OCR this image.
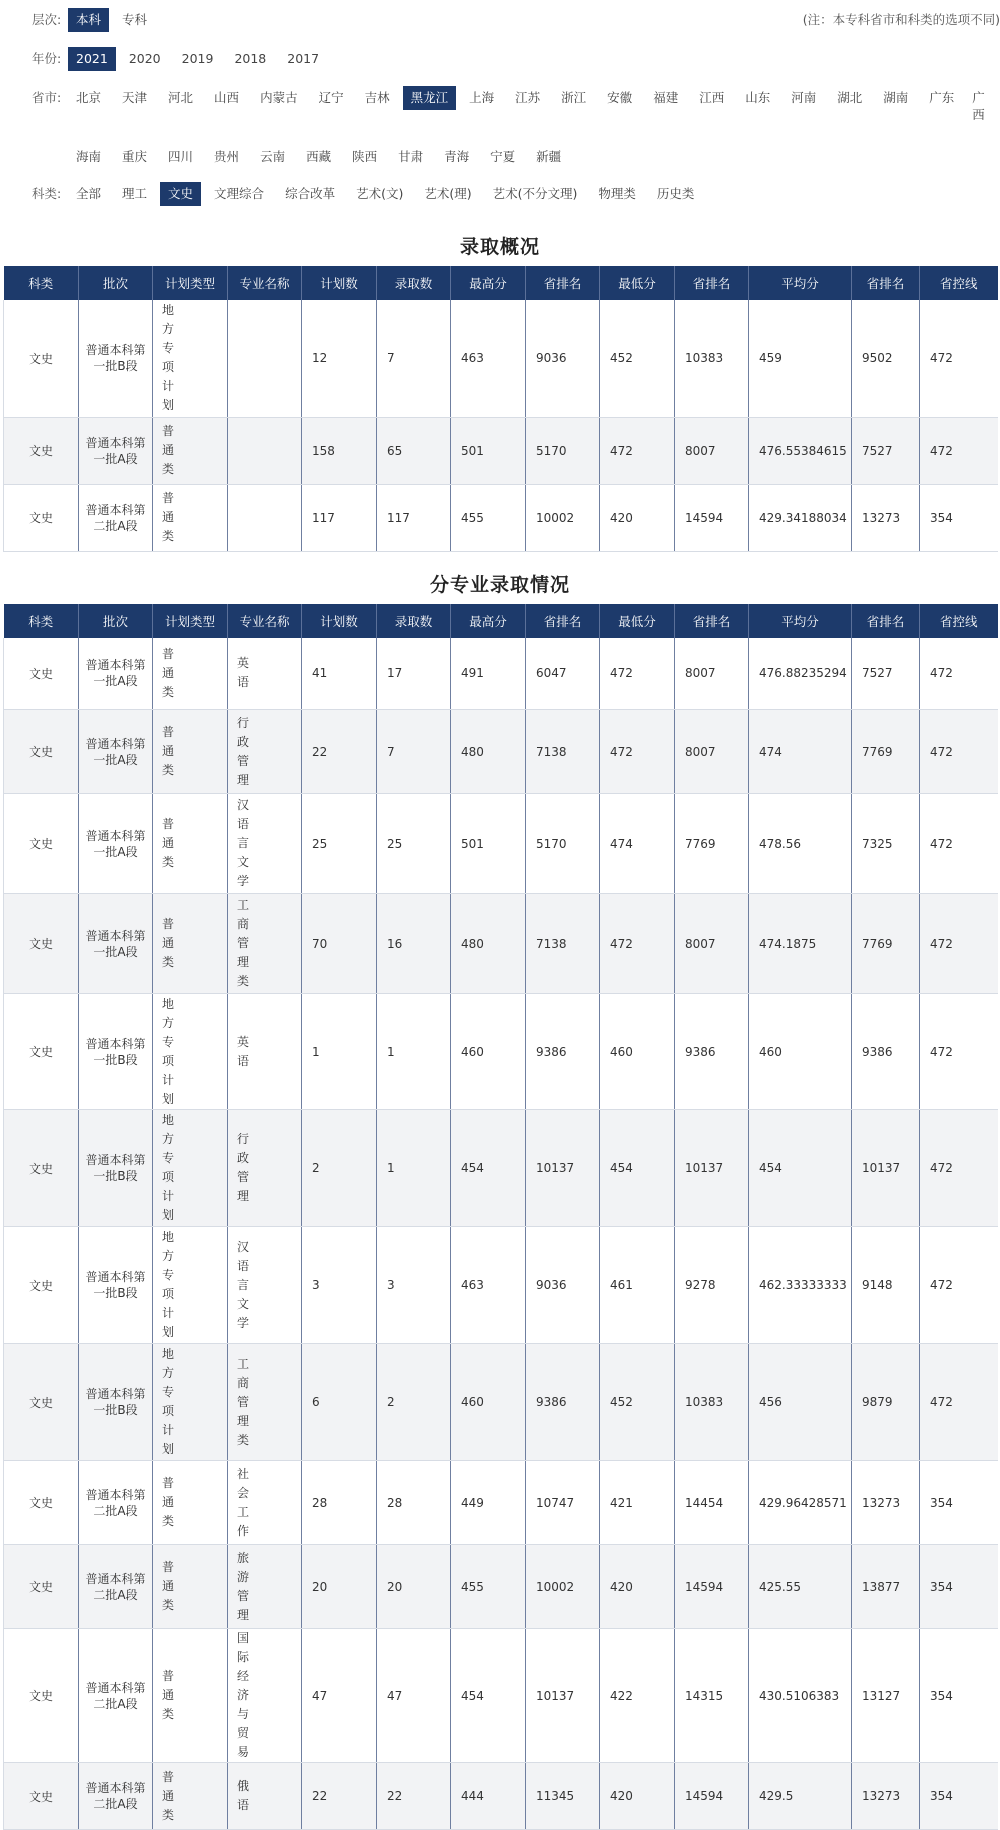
层次:	本科	专科	(注：本专科省市和科类的选项不同)
年份:	2021	2020	2019	2018	2017
省市:	北京	天津	河北	山西	内蒙古	辽宁	吉林	黑龙江	上海	江苏	浙江	安徽	福建	江西	山东	河南	湖北	湖南	广东	广西
海南	重庆	四川	贵州	云南	西藏	陕西	甘肃	青海	宁夏	新疆
科类:	全部	理工	文史	文理综合	综合改革	艺术(文)	艺术(理)	艺术(不分文理)	物理类	历史类
录取概况
科类	批次	计划类型	专业名称	计划数	录取数	最高分	省排名	最低分	省排名	平均分	省排名	省控线
文史	普通本科第一批B段	地方专项计划		12	7	463	9036	452	10383	459	9502	472
文史	普通本科第一批A段	普通类		158	65	501	5170	472	8007	476.55384615	7527	472
文史	普通本科第二批A段	普通类		117	117	455	10002	420	14594	429.34188034	13273	354
分专业录取情况
科类	批次	计划类型	专业名称	计划数	录取数	最高分	省排名	最低分	省排名	平均分	省排名	省控线
文史	普通本科第一批A段	普通类	英语	41	17	491	6047	472	8007	476.88235294	7527	472
文史	普通本科第一批A段	普通类	行政管理	22	7	480	7138	472	8007	474	7769	472
文史	普通本科第一批A段	普通类	汉语言文学	25	25	501	5170	474	7769	478.56	7325	472
文史	普通本科第一批A段	普通类	工商管理类	70	16	480	7138	472	8007	474.1875	7769	472
文史	普通本科第一批B段	地方专项计划	英语	1	1	460	9386	460	9386	460	9386	472
文史	普通本科第一批B段	地方专项计划	行政管理	2	1	454	10137	454	10137	454	10137	472
文史	普通本科第一批B段	地方专项计划	汉语言文学	3	3	463	9036	461	9278	462.33333333	9148	472
文史	普通本科第一批B段	地方专项计划	工商管理类	6	2	460	9386	452	10383	456	9879	472
文史	普通本科第二批A段	普通类	社会工作	28	28	449	10747	421	14454	429.96428571	13273	354
文史	普通本科第二批A段	普通类	旅游管理	20	20	455	10002	420	14594	425.55	13877	354
文史	普通本科第二批A段	普通类	国际经济与贸易	47	47	454	10137	422	14315	430.5106383	13127	354
文史	普通本科第二批A段	普通类	俄语	22	22	444	11345	420	14594	429.5	13273	354
